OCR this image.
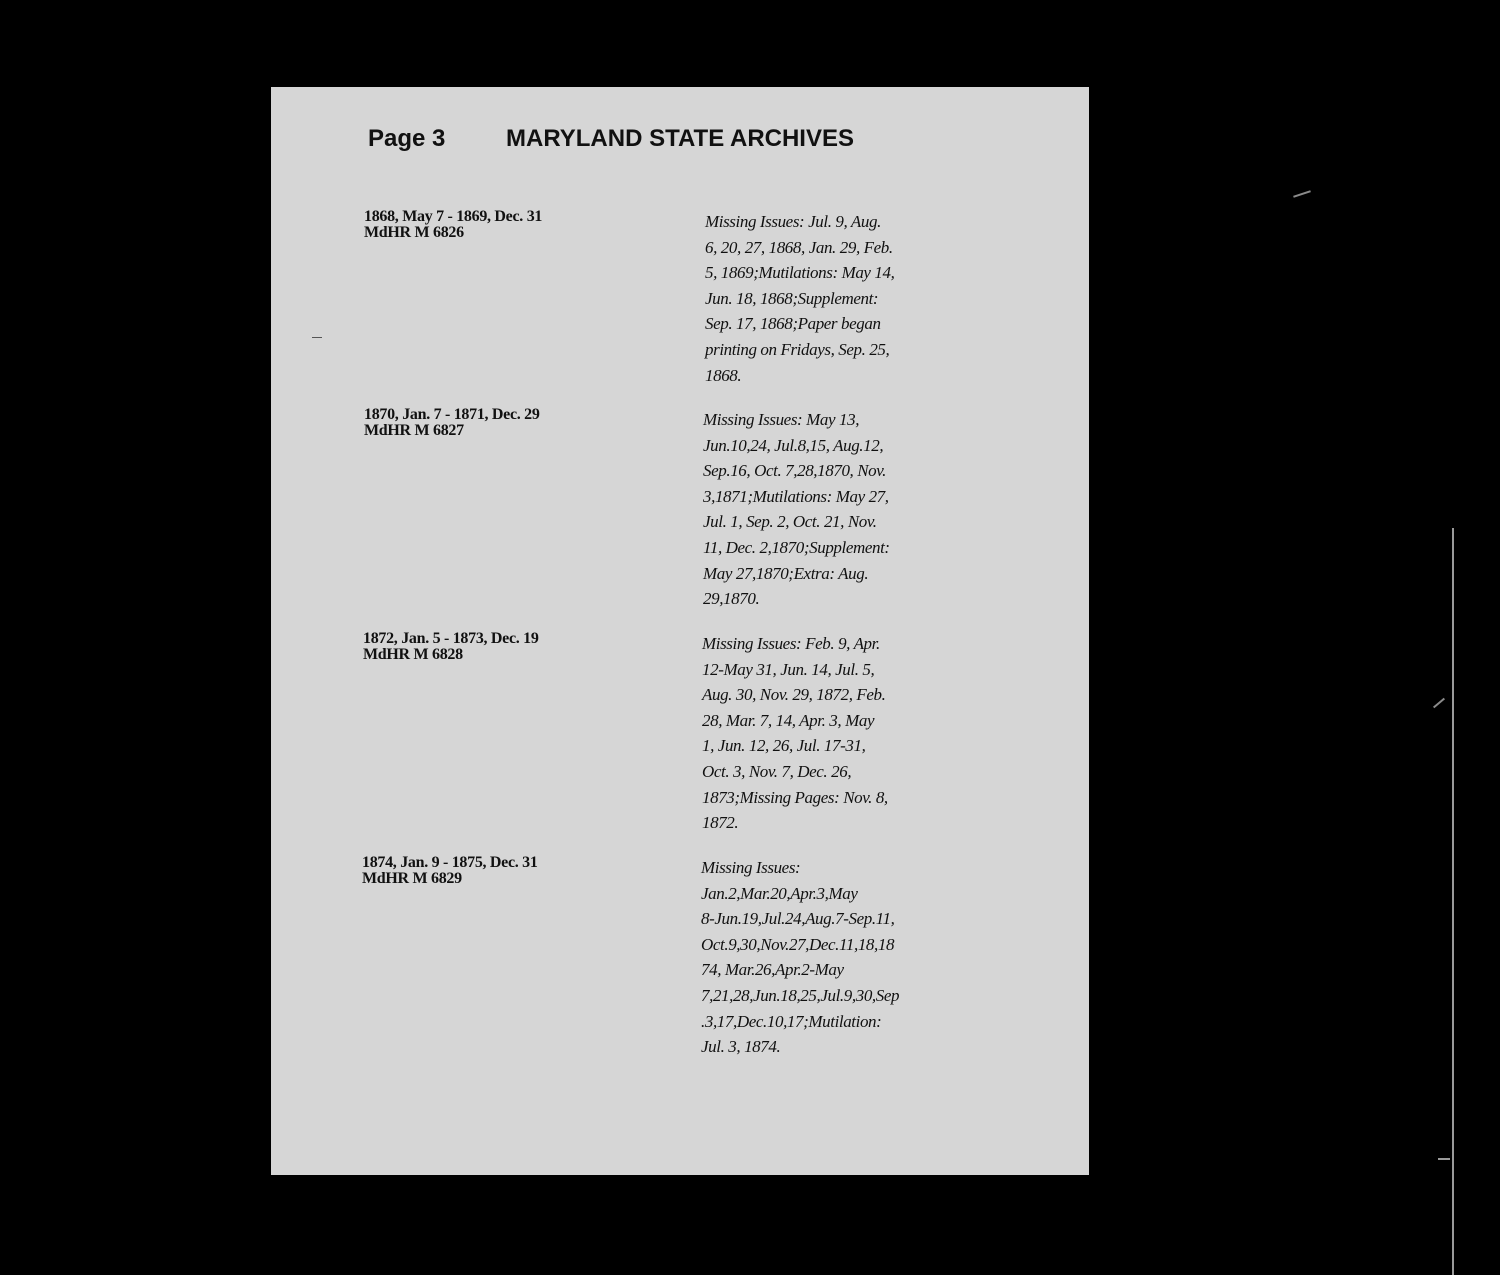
Page 3	MARYLAND STATE ARCHIVES
1868, May 7 - 1869, Dec. 31
MdHR M 6826
Missing Issues: Jul. 9, Aug.
6, 20, 27, 1868, Jan. 29, Feb.
5, 1869;Mutilations: May 14,
Jun. 18, 1868;Supplement:
Sep. 17, 1868;Paper began
printing on Fridays, Sep. 25,
1868.
1870, Jan. 7 - 1871, Dec. 29
MdHR M 6827
Missing Issues: May 13,
Jun.10,24, Jul.8,15, Aug.12,
Sep.16, Oct. 7,28,1870, Nov.
3,1871;Mutilations: May 27,
Jul. 1, Sep. 2, Oct. 21, Nov.
11, Dec. 2,1870;Supplement:
May 27,1870;Extra: Aug.
29,1870.
1872, Jan. 5 - 1873, Dec. 19
MdHR M 6828
Missing Issues: Feb. 9, Apr.
12-May 31, Jun. 14, Jul. 5,
Aug. 30, Nov. 29, 1872, Feb.
28, Mar. 7, 14, Apr. 3, May
1, Jun. 12, 26, Jul. 17-31,
Oct. 3, Nov. 7, Dec. 26,
1873;Missing Pages: Nov. 8,
1872.
1874, Jan. 9 - 1875, Dec. 31
MdHR M 6829
Missing Issues:
Jan.2,Mar.20,Apr.3,May
8-Jun.19,Jul.24,Aug.7-Sep.11,
Oct.9,30,Nov.27,Dec.11,18,18
74, Mar.26,Apr.2-May
7,21,28,Jun.18,25,Jul.9,30,Sep
.3,17,Dec.10,17;Mutilation:
Jul. 3, 1874.
